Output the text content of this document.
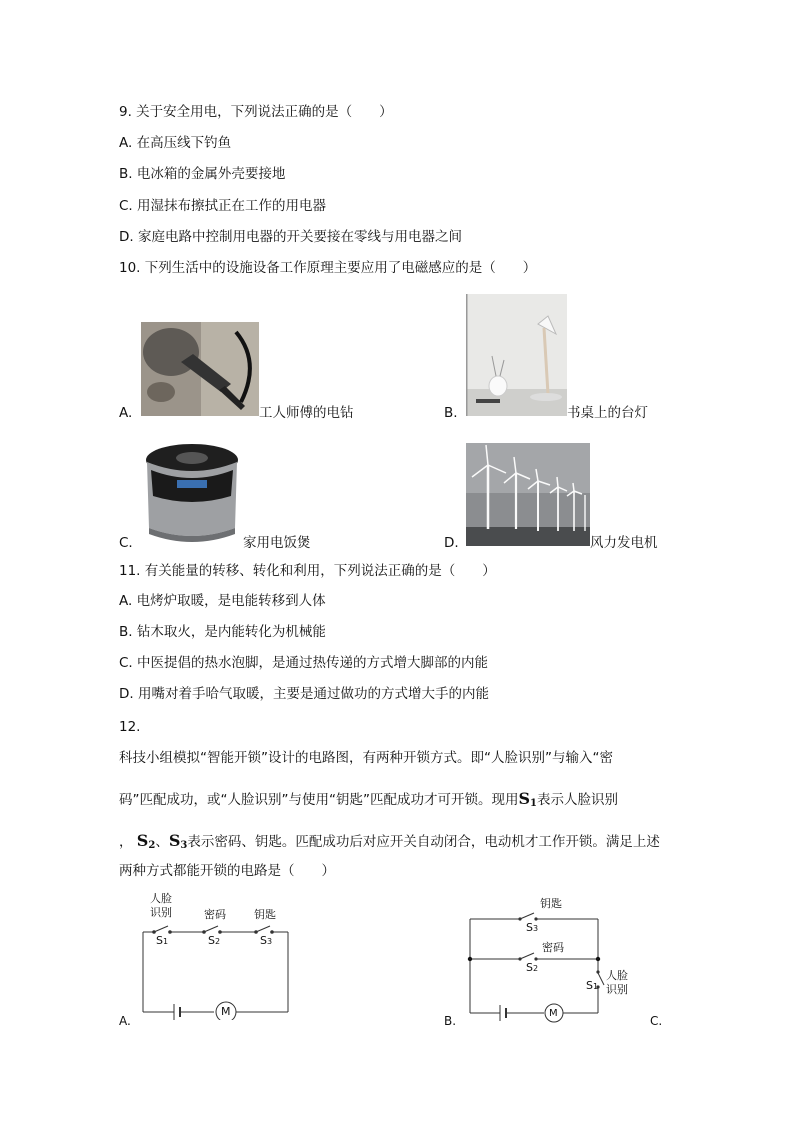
9. 关于安全用电，下列说法正确的是（　　）
A. 在高压线下钓鱼
B. 电冰箱的金属外壳要接地
C. 用湿抹布擦拭正在工作的用电器
D. 家庭电路中控制用电器的开关要接在零线与用电器之间
10. 下列生活中的设施设备工作原理主要应用了电磁感应的是（　　）
A.	工人师傅的电钻	B.	书桌上的台灯
C.	家用电饭煲	D.	风力发电机
11. 有关能量的转移、转化和利用，下列说法正确的是（　　）
A. 电烤炉取暖，是电能转移到人体
B. 钻木取火，是内能转化为机械能
C. 中医提倡的热水泡脚，是通过热传递的方式增大脚部的内能
D. 用嘴对着手哈气取暖，主要是通过做功的方式增大手的内能
12.
科技小组模拟“智能开锁”设计的电路图，有两种开锁方式。即“人脸识别”与输入“密
码”匹配成功，或“人脸识别”与使用“钥匙”匹配成功才可开锁。现用$S_1$表示人脸识别
， $S_2$、$S_3$表示密码、钥匙。匹配成功后对应开关自动闭合，电动机才工作开锁。满足上述
两种方式都能开锁的电路是（　　）
A.
人脸
识别	密码	钥匙
S1	S2	S3
M
B.
钥匙
S3
密码
S2
S1
人脸
识别
M
C.
